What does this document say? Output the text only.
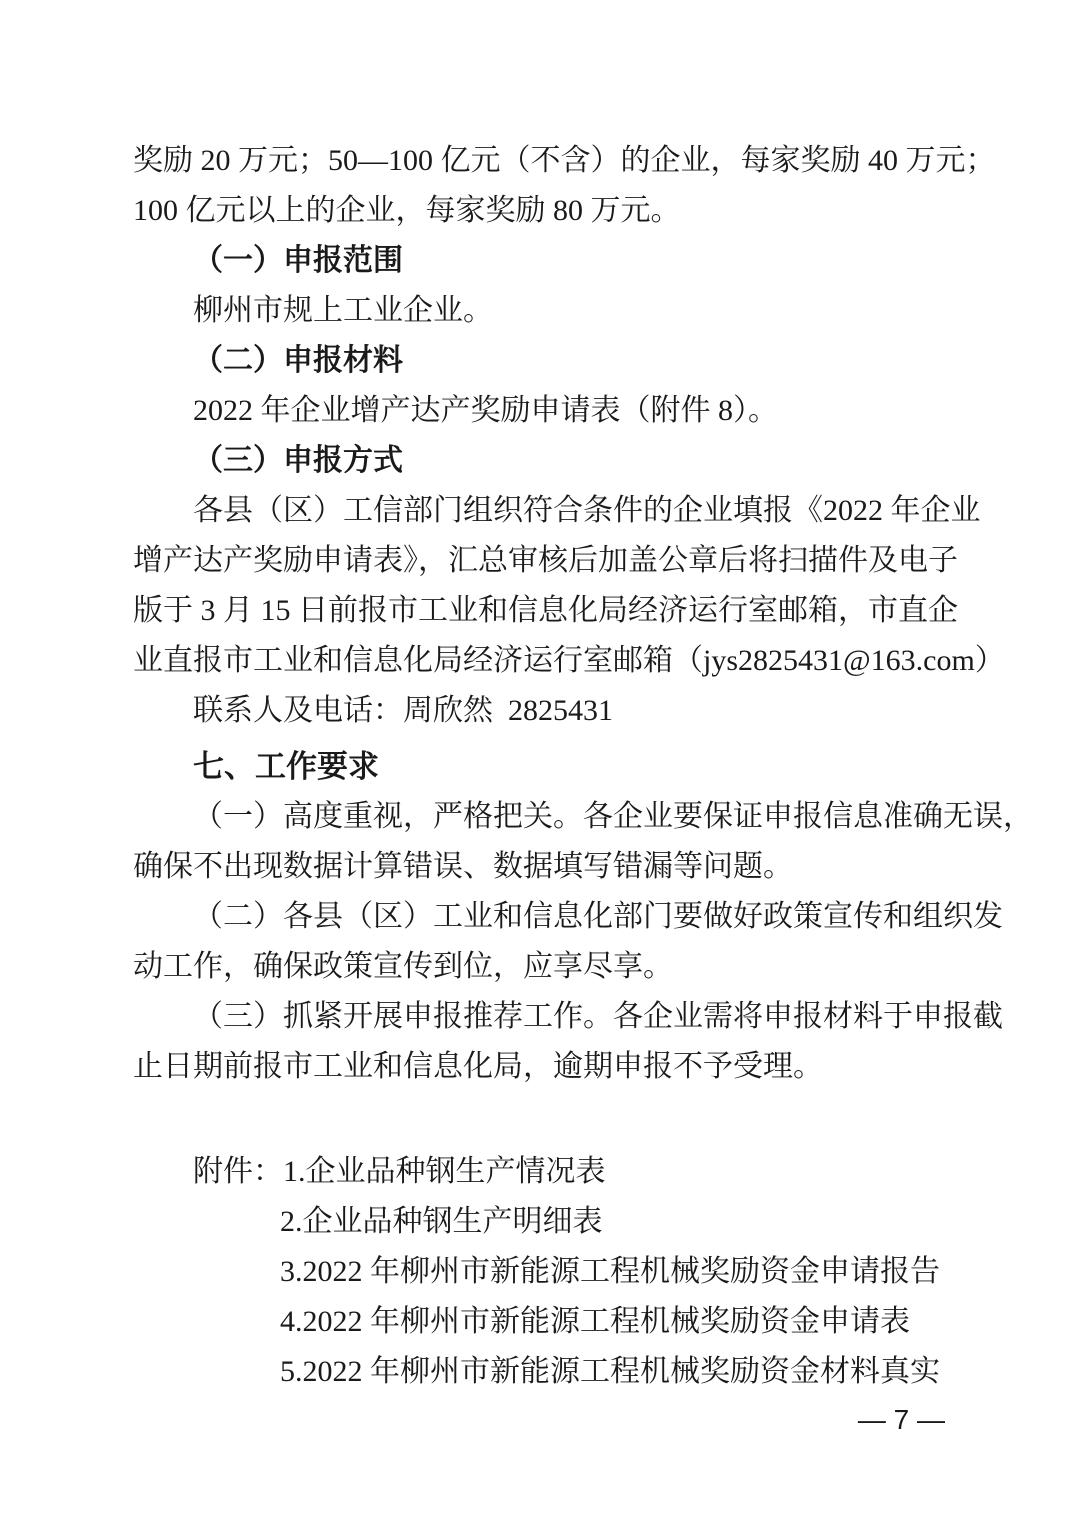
奖励 20 万元；50—100 亿元（不含）的企业，每家奖励 40 万元；

100 亿元以上的企业，每家奖励 80 万元。

（一）申报范围

柳州市规上工业企业。

（二）申报材料

2022 年企业增产达产奖励申请表（附件 8）。

（三）申报方式

各县（区）工信部门组织符合条件的企业填报《2022 年企业

增产达产奖励申请表》，汇总审核后加盖公章后将扫描件及电子

版于 3 月 15 日前报市工业和信息化局经济运行室邮箱，市直企

业直报市工业和信息化局经济运行室邮箱（jys2825431@163.com）

联系人及电话：周欣然  2825431

七、工作要求

（一）高度重视，严格把关。各企业要保证申报信息准确无误，

确保不出现数据计算错误、数据填写错漏等问题。

（二）各县（区）工业和信息化部门要做好政策宣传和组织发

动工作，确保政策宣传到位，应享尽享。

（三）抓紧开展申报推荐工作。各企业需将申报材料于申报截

止日期前报市工业和信息化局，逾期申报不予受理。

附件：1.企业品种钢生产情况表

2.企业品种钢生产明细表

3.2022 年柳州市新能源工程机械奖励资金申请报告

4.2022 年柳州市新能源工程机械奖励资金申请表

5.2022 年柳州市新能源工程机械奖励资金材料真实

— 7 —
